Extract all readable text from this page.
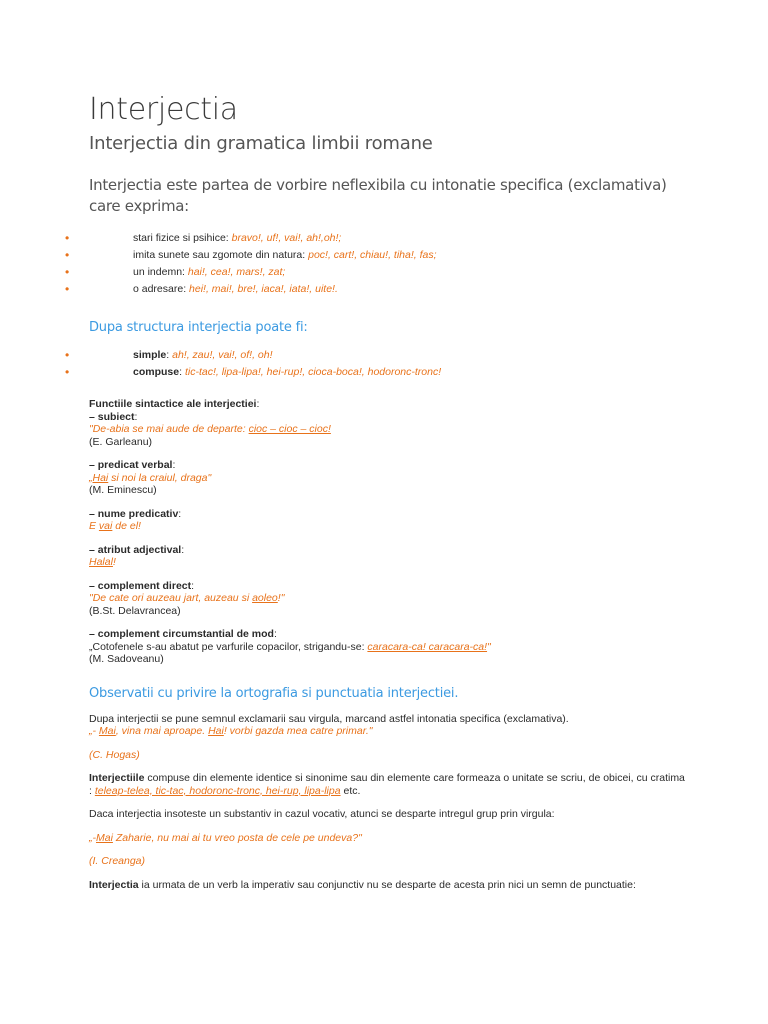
Interjectia
Interjectia din gramatica limbii romane
Interjectia este partea de vorbire neflexibila cu intonatie specifica (exclamativa) care exprima:
•	stari fizice si psihice: bravo!, uf!, vai!, ah!,oh!;
•	imita sunete sau zgomote din natura: poc!, cart!, chiau!, tiha!, fas;
•	un indemn: hai!, cea!, mars!, zat;
•	o adresare: hei!, mai!, bre!, iaca!, iata!, uite!.
Dupa structura interjectia poate fi:
•	simple: ah!, zau!, vai!, of!, oh!
•	compuse: tic-tac!, lipa-lipa!, hei-rup!, cioca-boca!, hodoronc-tronc!
Functiile sintactice ale interjectiei:
– subiect:
"De-abia se mai aude de departe: cioc – cioc – cioc!
(E. Garleanu)
– predicat verbal:
„Hai si noi la craiul, draga"
(M. Eminescu)
– nume predicativ:
E vai de el!
– atribut adjectival:
Halal!
– complement direct:
"De cate ori auzeau jart, auzeau si aoleo!"
(B.St. Delavrancea)
– complement circumstantial de mod:
„Cotofenele s-au abatut pe varfurile copacilor, strigandu-se: caracara-ca! caracara-ca!"
(M. Sadoveanu)
Observatii cu privire la ortografia si punctuatia interjectiei.
Dupa interjectii se pune semnul exclamarii sau virgula, marcand astfel intonatia specifica (exclamativa).
„- Mai, vina mai aproape. Hai! vorbi gazda mea catre primar."
(C. Hogas)
Interjectiile compuse din elemente identice si sinonime sau din elemente care formeaza o unitate se scriu, de obicei, cu cratima : teleap-telea, tic-tac, hodoronc-tronc, hei-rup, lipa-lipa etc.
Daca interjectia insoteste un substantiv in cazul vocativ, atunci se desparte intregul grup prin virgula:
„-Mai Zaharie, nu mai ai tu vreo posta de cele pe undeva?"
(I. Creanga)
Interjectia ia urmata de un verb la imperativ sau conjunctiv nu se desparte de acesta prin nici un semn de punctuatie:
